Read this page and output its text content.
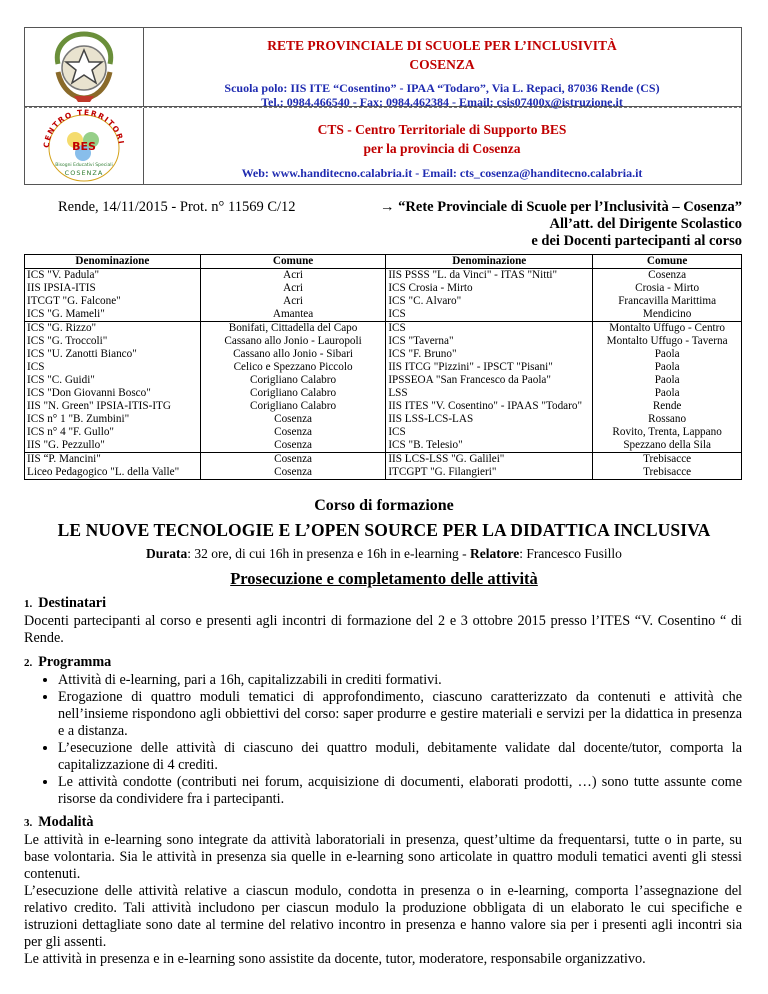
RETE PROVINCIALE DI SCUOLE PER L’INCLUSIVITÀ
COSENZA
Scuola polo: IIS ITE “Cosentino” - IPAA “Todaro”, Via L. Repaci, 87036 Rende (CS)
Tel.: 0984.466540 - Fax: 0984.462384 - Email: csis07400x@istruzione.it
CENTRO TERRITORI
BES
Bisogni Educativi Speciali
COSENZA
CTS - Centro Territoriale di Supporto BES
per la provincia di Cosenza
Web: www.handitecno.calabria.it - Email: cts_cosenza@handitecno.calabria.it
Rende, 14/11/2015 - Prot. n° 11569 C/12	→ “Rete Provinciale di Scuole per l’Inclusività – Cosenza”
All’att. del Dirigente Scolastico
e dei Docenti partecipanti al corso
Denominazione	Comune	Denominazione	Comune
ICS "V. Padula"	Acri	IIS PSSS "L. da Vinci" - ITAS "Nitti"	Cosenza
IIS IPSIA-ITIS	Acri	ICS Crosia - Mirto	Crosia - Mirto
ITCGT "G. Falcone"	Acri	ICS "C. Alvaro"	Francavilla Marittima
ICS "G. Mameli"	Amantea	ICS	Mendicino
ICS "G. Rizzo"	Bonifati, Cittadella del Capo	ICS	Montalto Uffugo - Centro
ICS "G. Troccoli"	Cassano allo Jonio - Lauropoli	ICS "Taverna"	Montalto Uffugo - Taverna
ICS "U. Zanotti Bianco"	Cassano allo Jonio - Sibari	ICS "F. Bruno"	Paola
ICS	Celico e Spezzano Piccolo	IIS ITCG "Pizzini" - IPSCT "Pisani"	Paola
ICS "C. Guidi"	Corigliano Calabro	IPSSEOA "San Francesco da Paola"	Paola
ICS "Don Giovanni Bosco"	Corigliano Calabro	LSS	Paola
IIS "N. Green" IPSIA-ITIS-ITG	Corigliano Calabro	IIS ITES "V. Cosentino" - IPAAS "Todaro"	Rende
ICS n° 1 "B. Zumbini"	Cosenza	IIS LSS-LCS-LAS	Rossano
ICS n° 4 "F. Gullo"	Cosenza	ICS	Rovito, Trenta, Lappano
IIS "G. Pezzullo"	Cosenza	ICS "B. Telesio"	Spezzano della Sila
IIS “P. Mancini"	Cosenza	IIS LCS-LSS "G. Galilei"	Trebisacce
Liceo Pedagogico "L. della Valle"	Cosenza	ITCGPT "G. Filangieri"	Trebisacce
Corso di formazione
LE NUOVE TECNOLOGIE E L’OPEN SOURCE PER LA DIDATTICA INCLUSIVA
Durata: 32 ore, di cui 16h in presenza e 16h in e-learning - Relatore: Francesco Fusillo
Prosecuzione e completamento delle attività
1. Destinatari
Docenti partecipanti al corso e presenti agli incontri di formazione del 2 e 3 ottobre 2015 presso l’ITES “V. Cosentino “ di Rende.
2. Programma
• Attività di e-learning, pari a 16h, capitalizzabili in crediti formativi.
• Erogazione di quattro moduli tematici di approfondimento, ciascuno caratterizzato da contenuti e attività che nell’insieme rispondono agli obbiettivi del corso: saper produrre e gestire materiali e servizi per la didattica in presenza e a distanza.
• L’esecuzione delle attività di ciascuno dei quattro moduli, debitamente validate dal docente/tutor, comporta la capitalizzazione di 4 crediti.
• Le attività condotte (contributi nei forum, acquisizione di documenti, elaborati prodotti, …) sono tutte assunte come risorse da condividere fra i partecipanti.
3. Modalità
Le attività in e-learning sono integrate da attività laboratoriali in presenza, quest’ultime da frequentarsi, tutte o in parte, su base volontaria. Sia le attività in presenza sia quelle in e-learning sono articolate in quattro moduli tematici aventi gli stessi contenuti.
L’esecuzione delle attività relative a ciascun modulo, condotta in presenza o in e-learning, comporta l’assegnazione del relativo credito. Tali attività includono per ciascun modulo la produzione obbligata di un elaborato le cui specifiche e istruzioni dettagliate sono date al termine del relativo incontro in presenza e hanno valore sia per i presenti agli incontri sia per gli assenti.
Le attività in presenza e in e-learning sono assistite da docente, tutor, moderatore, responsabile organizzativo.
